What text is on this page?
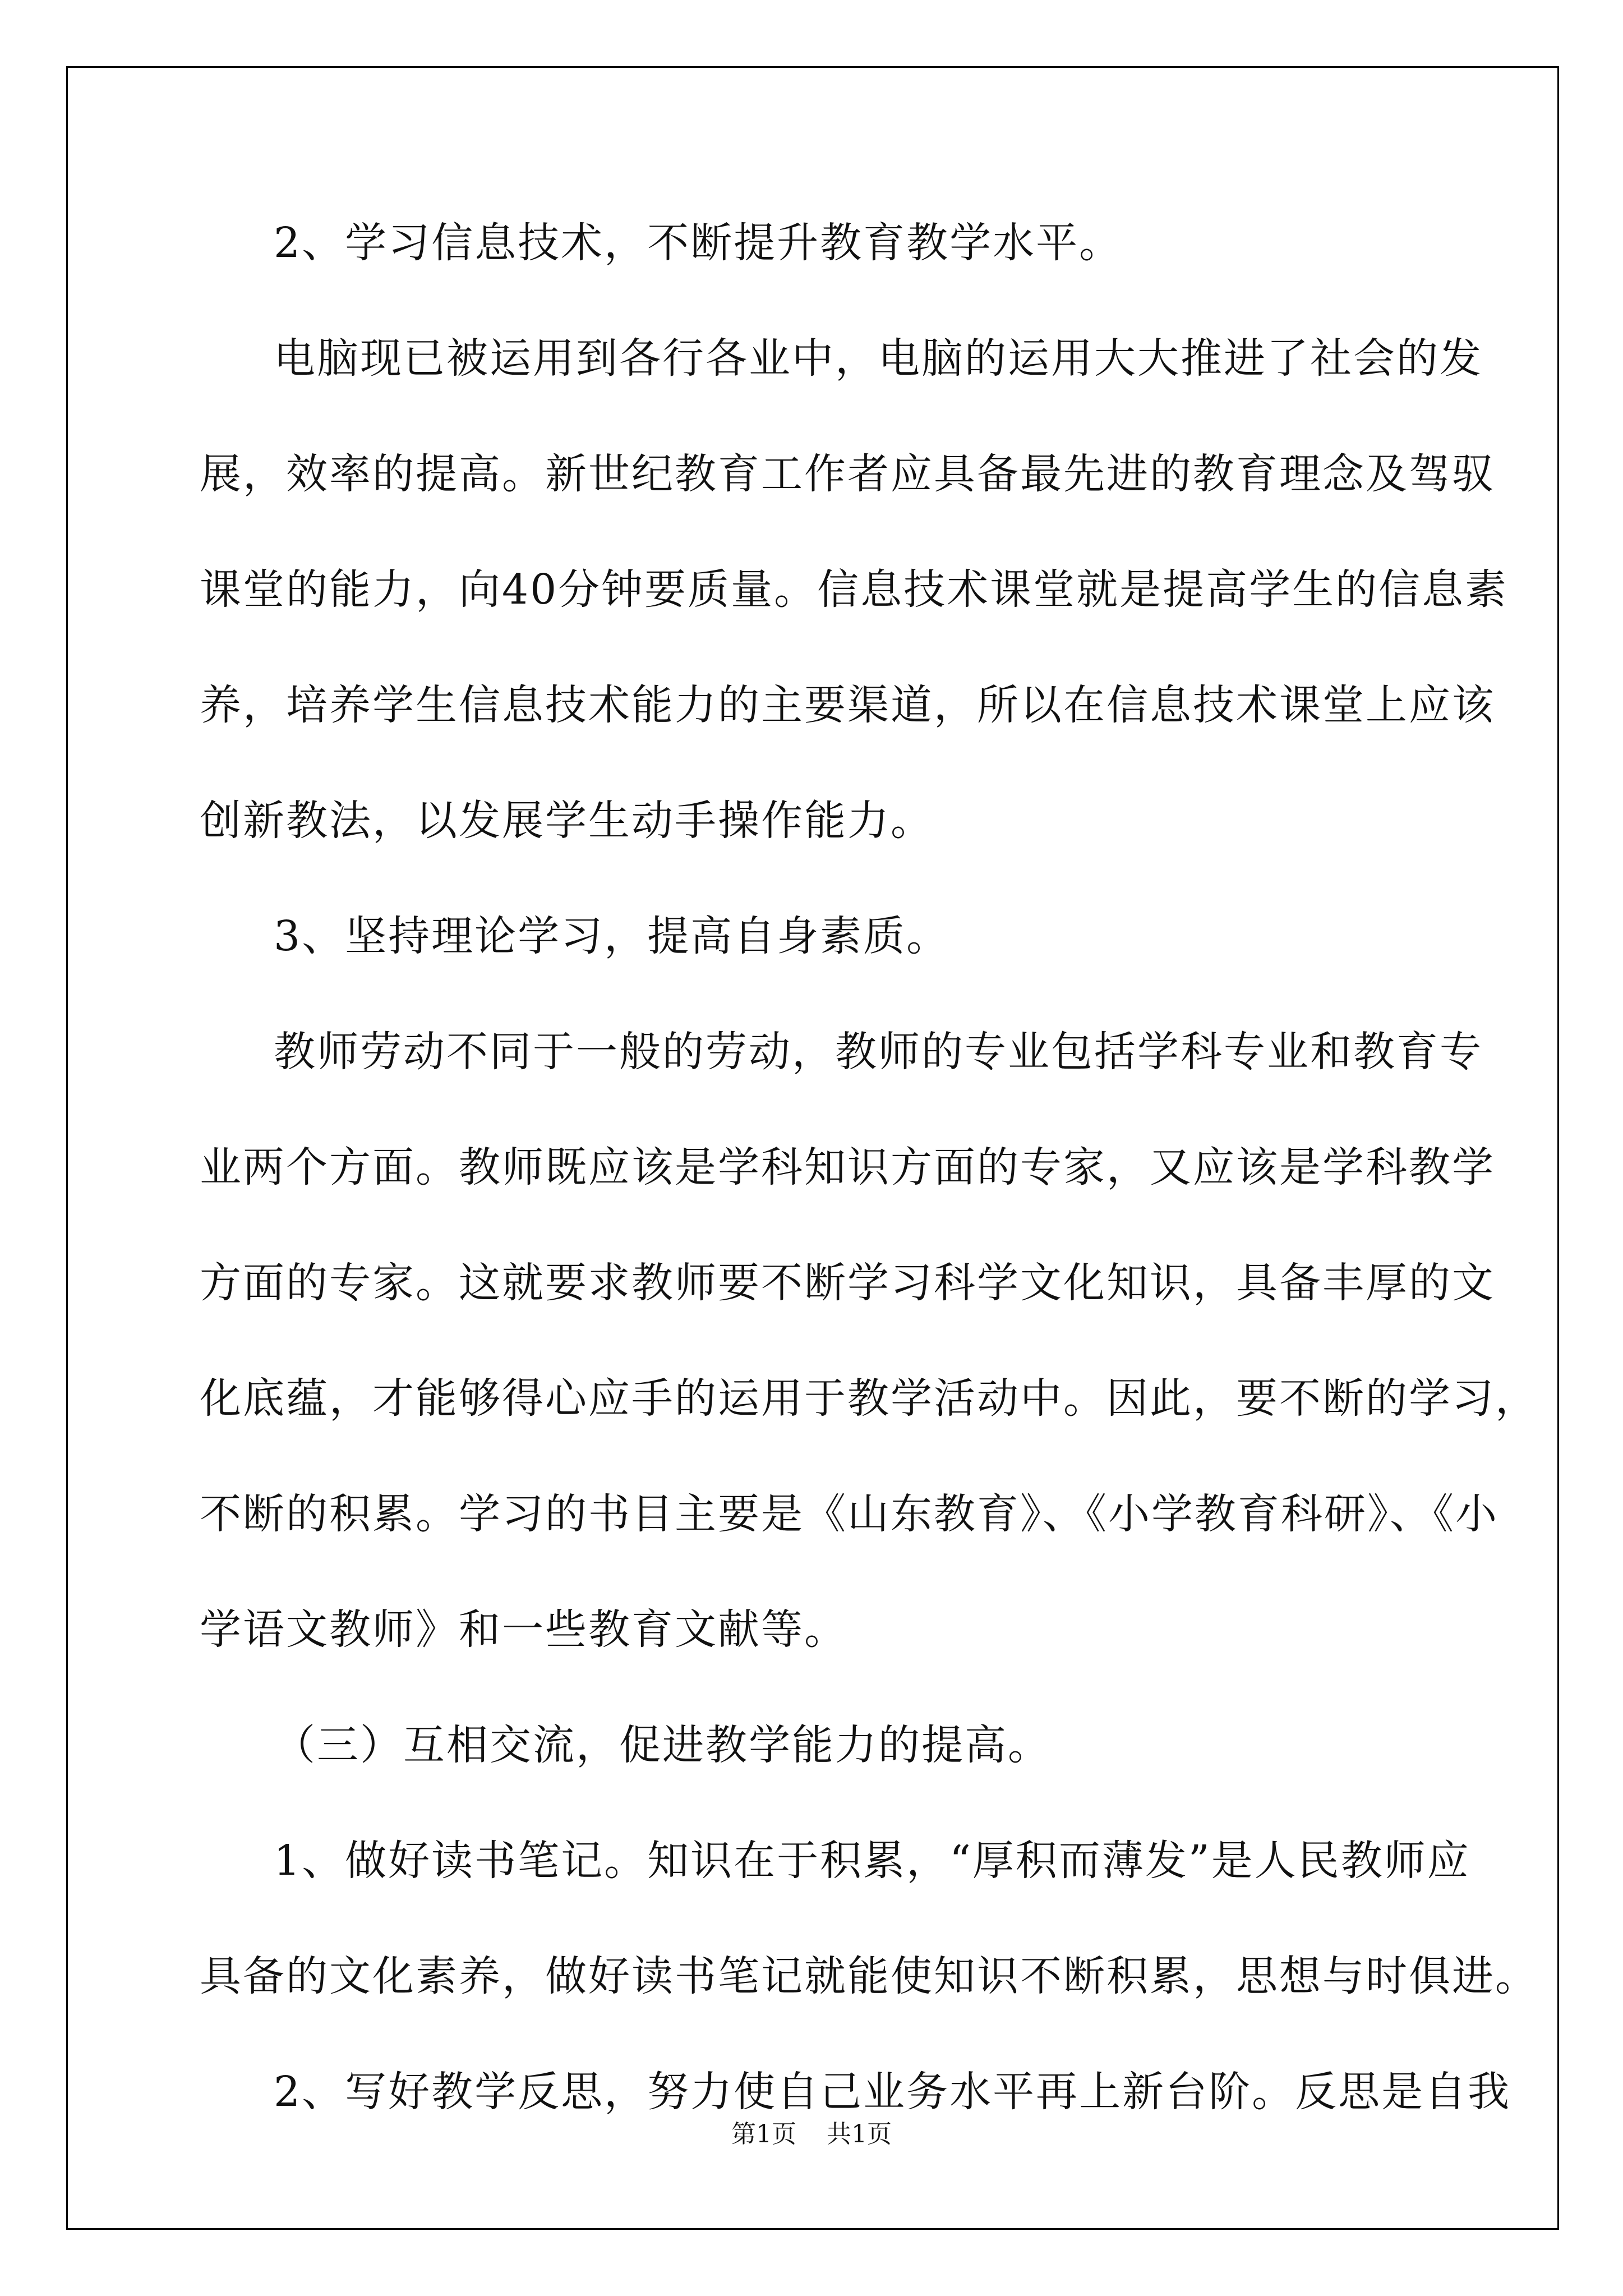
2、学习信息技术，不断提升教育教学水平。
电脑现已被运用到各行各业中，电脑的运用大大推进了社会的发
展，效率的提高。新世纪教育工作者应具备最先进的教育理念及驾驭
课堂的能力，向40分钟要质量。信息技术课堂就是提高学生的信息素
养，培养学生信息技术能力的主要渠道，所以在信息技术课堂上应该
创新教法，以发展学生动手操作能力。
3、坚持理论学习，提高自身素质。
教师劳动不同于一般的劳动，教师的专业包括学科专业和教育专
业两个方面。教师既应该是学科知识方面的专家，又应该是学科教学
方面的专家。这就要求教师要不断学习科学文化知识，具备丰厚的文
化底蕴，才能够得心应手的运用于教学活动中。因此，要不断的学习，
不断的积累。学习的书目主要是《山东教育》、《小学教育科研》、《小
学语文教师》和一些教育文献等。
（三）互相交流，促进教学能力的提高。
1、做好读书笔记。知识在于积累，“厚积而薄发”是人民教师应
具备的文化素养，做好读书笔记就能使知识不断积累，思想与时俱进。
2、写好教学反思，努力使自己业务水平再上新台阶。反思是自我
第1页 共1页
